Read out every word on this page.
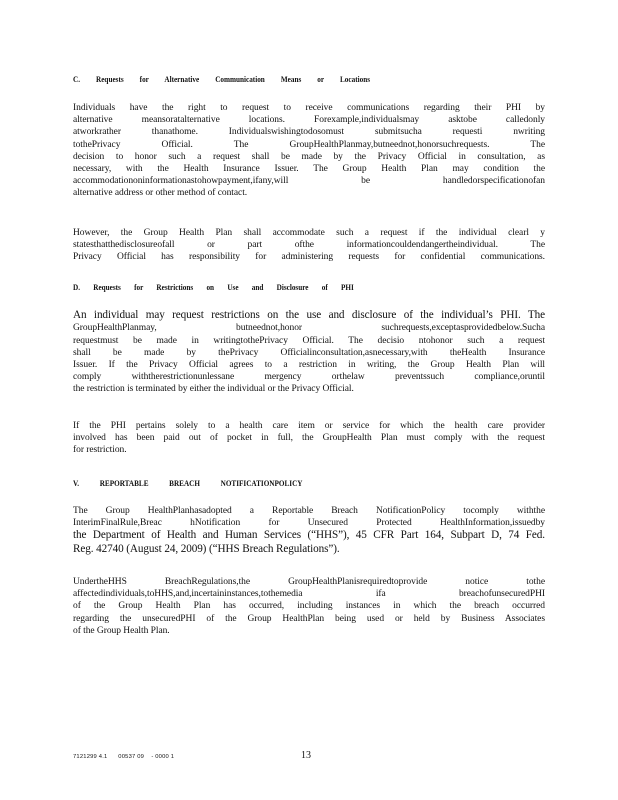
C. Requests for Alternative Communication Means or Locations
Individuals have the right to request to receive communications regarding their PHI by
alternative meansoratalternative locations. Forexample,individualsmay asktobe calledonly
atworkrather thanathome. Individualswishingtodosomust submitsucha requesti nwriting
tothePrivacy Official. The GroupHealthPlanmay,butneednot,honorsuchrequests. The
decision to honor such a request shall be made by the Privacy Official in consultation, as
necessary, with the Health Insurance Issuer. The Group Health Plan may condition the
accommodationoninformationastohowpayment,ifany,will be handledorspecificationofan
alternative address or other method of contact.
However, the Group Health Plan shall accommodate such a request if the individual clearl y
statesthatthedisclosureofall or part ofthe informationcouldendangertheindividual. The
Privacy Official has responsibility for administering requests for confidential communications.
D. Requests for Restrictions on Use and Disclosure of PHI
An individual may request restrictions on the use and disclosure of the individual’s PHI. The
GroupHealthPlanmay, butneednot,honor suchrequests,exceptasprovidedbelow.Sucha
requestmust be made in writingtothePrivacy Official. The decisio ntohonor such a request
shall be made by thePrivacy Officialinconsultation,asnecessary,with theHealth Insurance
Issuer. If the Privacy Official agrees to a restriction in writing, the Group Health Plan will
comply withtherestrictionunlessane mergency orthelaw preventssuch compliance,oruntil
the restriction is terminated by either the individual or the Privacy Official.
If the PHI pertains solely to a health care item or service for which the health care provider
involved has been paid out of pocket in full, the GroupHealth Plan must comply with the request
for restriction.
V. REPORTABLE BREACH NOTIFICATIONPOLICY
The Group HealthPlanhasadopted a Reportable Breach NotificationPolicy tocomply withthe
InterimFinalRule,Breac hNotification for Unsecured Protected HealthInformation,issuedby
the Department of Health and Human Services (“HHS”), 45 CFR Part 164, Subpart D, 74 Fed.
Reg. 42740 (August 24, 2009) (“HHS Breach Regulations”).
UndertheHHS BreachRegulations,the GroupHealthPlanisrequiredtoprovide notice tothe
affectedindividuals,toHHS,and,incertaininstances,tothemedia ifa breachofunsecuredPHI
of the Group Health Plan has occurred, including instances in which the breach occurred
regarding the unsecuredPHI of the Group HealthPlan being used or held by Business Associates
of the Group Health Plan.
7121299 4.1      00537 09    - 0000 1	13
